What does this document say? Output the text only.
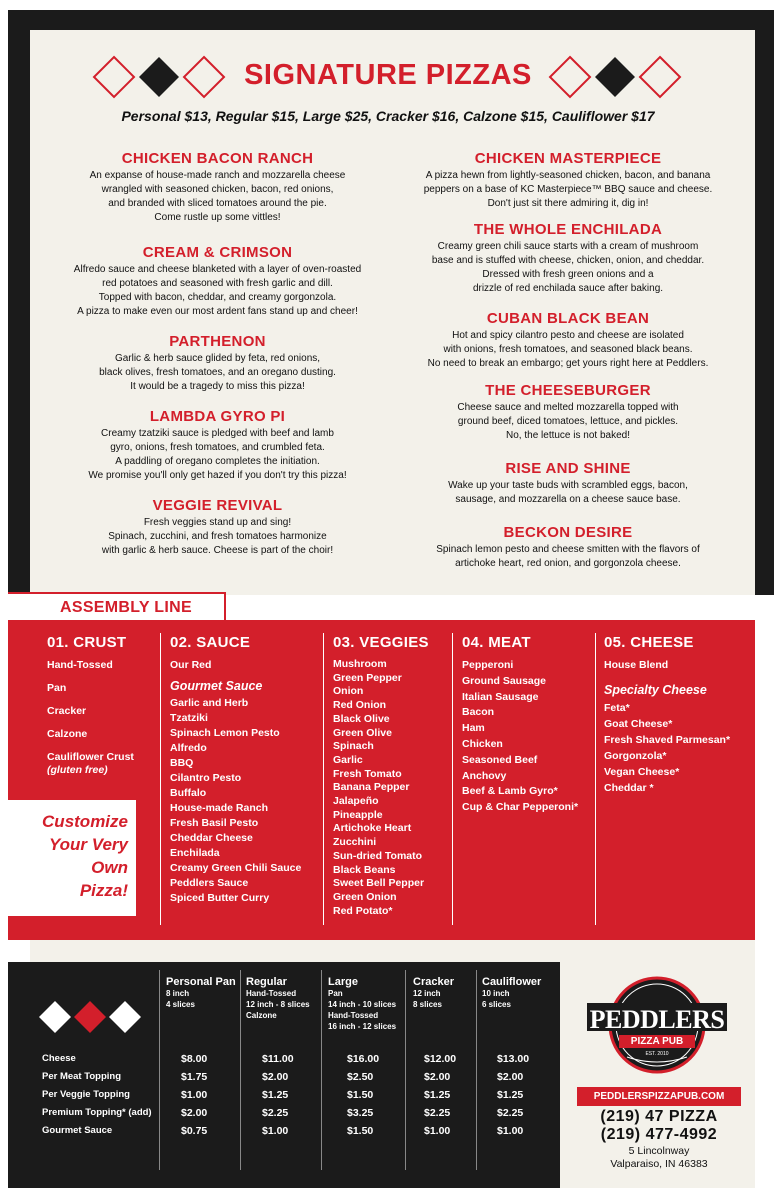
SIGNATURE PIZZAS
Personal $13, Regular $15, Large $25, Cracker $16, Calzone $15, Cauliflower $17
CHICKEN BACON RANCH

An expanse of house-made ranch and mozzarella cheese

wrangled with seasoned chicken, bacon, red onions,

and branded with sliced tomatoes around the pie.

Come rustle up some vittles!

CREAM & CRIMSON

Alfredo sauce and cheese blanketed with a layer of oven-roasted

red potatoes and seasoned with fresh garlic and dill.

Topped with bacon, cheddar, and creamy gorgonzola.

A pizza to make even our most ardent fans stand up and cheer!

PARTHENON

Garlic & herb sauce glided by feta, red onions,

black olives, fresh tomatoes, and an oregano dusting.

It would be a tragedy to miss this pizza!

LAMBDA GYRO PI

Creamy tzatziki sauce is pledged with beef and lamb

gyro, onions, fresh tomatoes, and crumbled feta.

A paddling of oregano completes the initiation.

We promise you'll only get hazed if you don't try this pizza!

VEGGIE REVIVAL

Fresh veggies stand up and sing!

Spinach, zucchini, and fresh tomatoes harmonize

with garlic & herb sauce. Cheese is part of the choir!

CHICKEN MASTERPIECE

A pizza hewn from lightly-seasoned chicken, bacon, and banana

peppers on a base of KC Masterpiece™ BBQ sauce and cheese.

Don't just sit there admiring it, dig in!

THE WHOLE ENCHILADA

Creamy green chili sauce starts with a cream of mushroom

base and is stuffed with cheese, chicken, onion, and cheddar.

Dressed with fresh green onions and a

drizzle of red enchilada sauce after baking.

CUBAN BLACK BEAN

Hot and spicy cilantro pesto and cheese are isolated

with onions, fresh tomatoes, and seasoned black beans.

No need to break an embargo; get yours right here at Peddlers.

THE CHEESEBURGER

Cheese sauce and melted mozzarella topped with

ground beef, diced tomatoes, lettuce, and pickles.

No, the lettuce is not baked!

RISE AND SHINE

Wake up your taste buds with scrambled eggs, bacon,

sausage, and mozzarella on a cheese sauce base.

BECKON DESIRE

Spinach lemon pesto and cheese smitten with the flavors of

artichoke heart, red onion, and gorgonzola cheese.

ASSEMBLY LINE
01. CRUST
Hand-Tossed
Pan
Cracker
Calzone
Cauliflower Crust
(gluten free)
02. SAUCE
Our Red
Gourmet Sauce
Garlic and Herb
Tzatziki
Spinach Lemon Pesto
Alfredo
BBQ
Cilantro Pesto
Buffalo
House-made Ranch
Fresh Basil Pesto
Cheddar Cheese
Enchilada
Creamy Green Chili Sauce
Peddlers Sauce
Spiced Butter Curry
03. VEGGIES
Mushroom
Green Pepper
Onion
Red Onion
Black Olive
Green Olive
Spinach
Garlic
Fresh Tomato
Banana Pepper
Jalapeño
Pineapple
Artichoke Heart
Zucchini
Sun-dried Tomato
Black Beans
Sweet Bell Pepper
Green Onion
Red Potato*
04. MEAT
Pepperoni
Ground Sausage
Italian Sausage
Bacon
Ham
Chicken
Seasoned Beef
Anchovy
Beef & Lamb Gyro*
Cup & Char Pepperoni*
05. CHEESE
House Blend
Specialty Cheese
Feta*
Goat Cheese*
Fresh Shaved Parmesan*
Gorgonzola*
Vegan Cheese*
Cheddar *
Customize
Your Very
Own
Pizza!
Personal Pan
8 inch
4 slices
Regular
Hand-Tossed
12 inch - 8 slices
Calzone
Large
Pan
14 inch - 10 slices
Hand-Tossed
16 inch - 12 slices
Cracker
12 inch
8 slices
Cauliflower
10 inch
6 slices
Cheese	$8.00	$11.00	$16.00	$12.00	$13.00
Per Meat Topping	$1.75	$2.00	$2.50	$2.00	$2.00
Per Veggie Topping	$1.00	$1.25	$1.50	$1.25	$1.25
Premium Topping* (add)	$2.00	$2.25	$3.25	$2.25	$2.25
Gourmet Sauce	$0.75	$1.00	$1.50	$1.00	$1.00
PEDDLERS
PIZZA PUB
EST. 2010
PEDDLERSPIZZAPUB.COM
(219) 47 PIZZA
(219) 477-4992
5 Lincolnway
Valparaiso, IN 46383
